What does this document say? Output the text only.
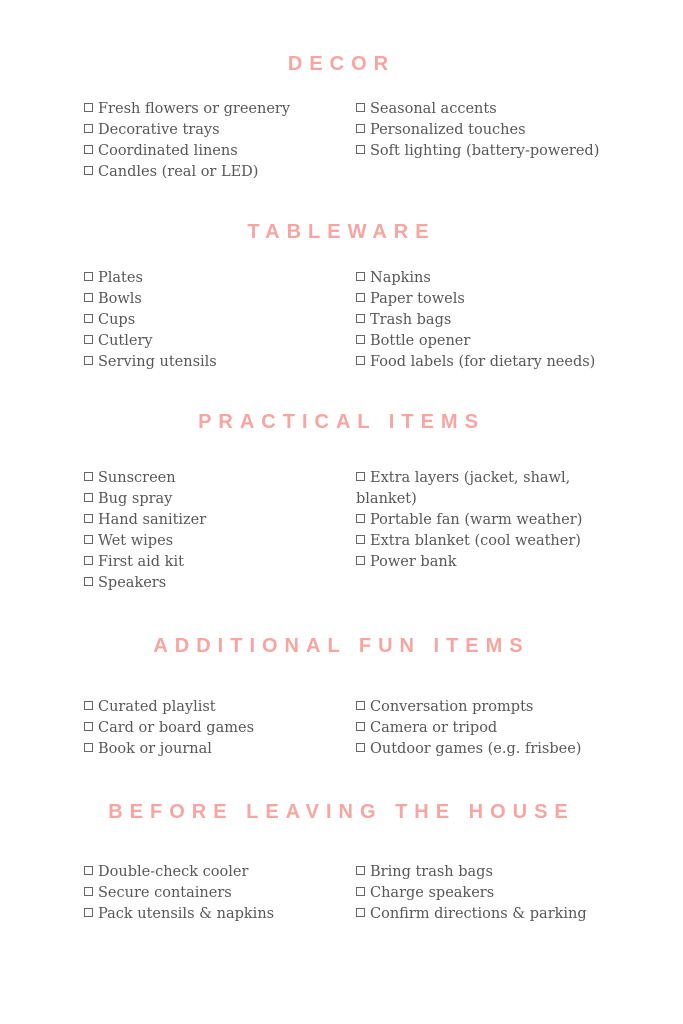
DECOR
Fresh flowers or greenery
Decorative trays
Coordinated linens
Candles (real or LED)
Seasonal accents
Personalized touches
Soft lighting (battery-powered)
TABLEWARE
Plates
Bowls
Cups
Cutlery
Serving utensils
Napkins
Paper towels
Trash bags
Bottle opener
Food labels (for dietary needs)
PRACTICAL ITEMS
Sunscreen
Bug spray
Hand sanitizer
Wet wipes
First aid kit
Speakers
Extra layers (jacket, shawl, blanket)
Portable fan (warm weather)
Extra blanket (cool weather)
Power bank
ADDITIONAL FUN ITEMS
Curated playlist
Card or board games
Book or journal
Conversation prompts
Camera or tripod
Outdoor games (e.g. frisbee)
BEFORE LEAVING THE HOUSE
Double-check cooler
Secure containers
Pack utensils & napkins
Bring trash bags
Charge speakers
Confirm directions & parking
